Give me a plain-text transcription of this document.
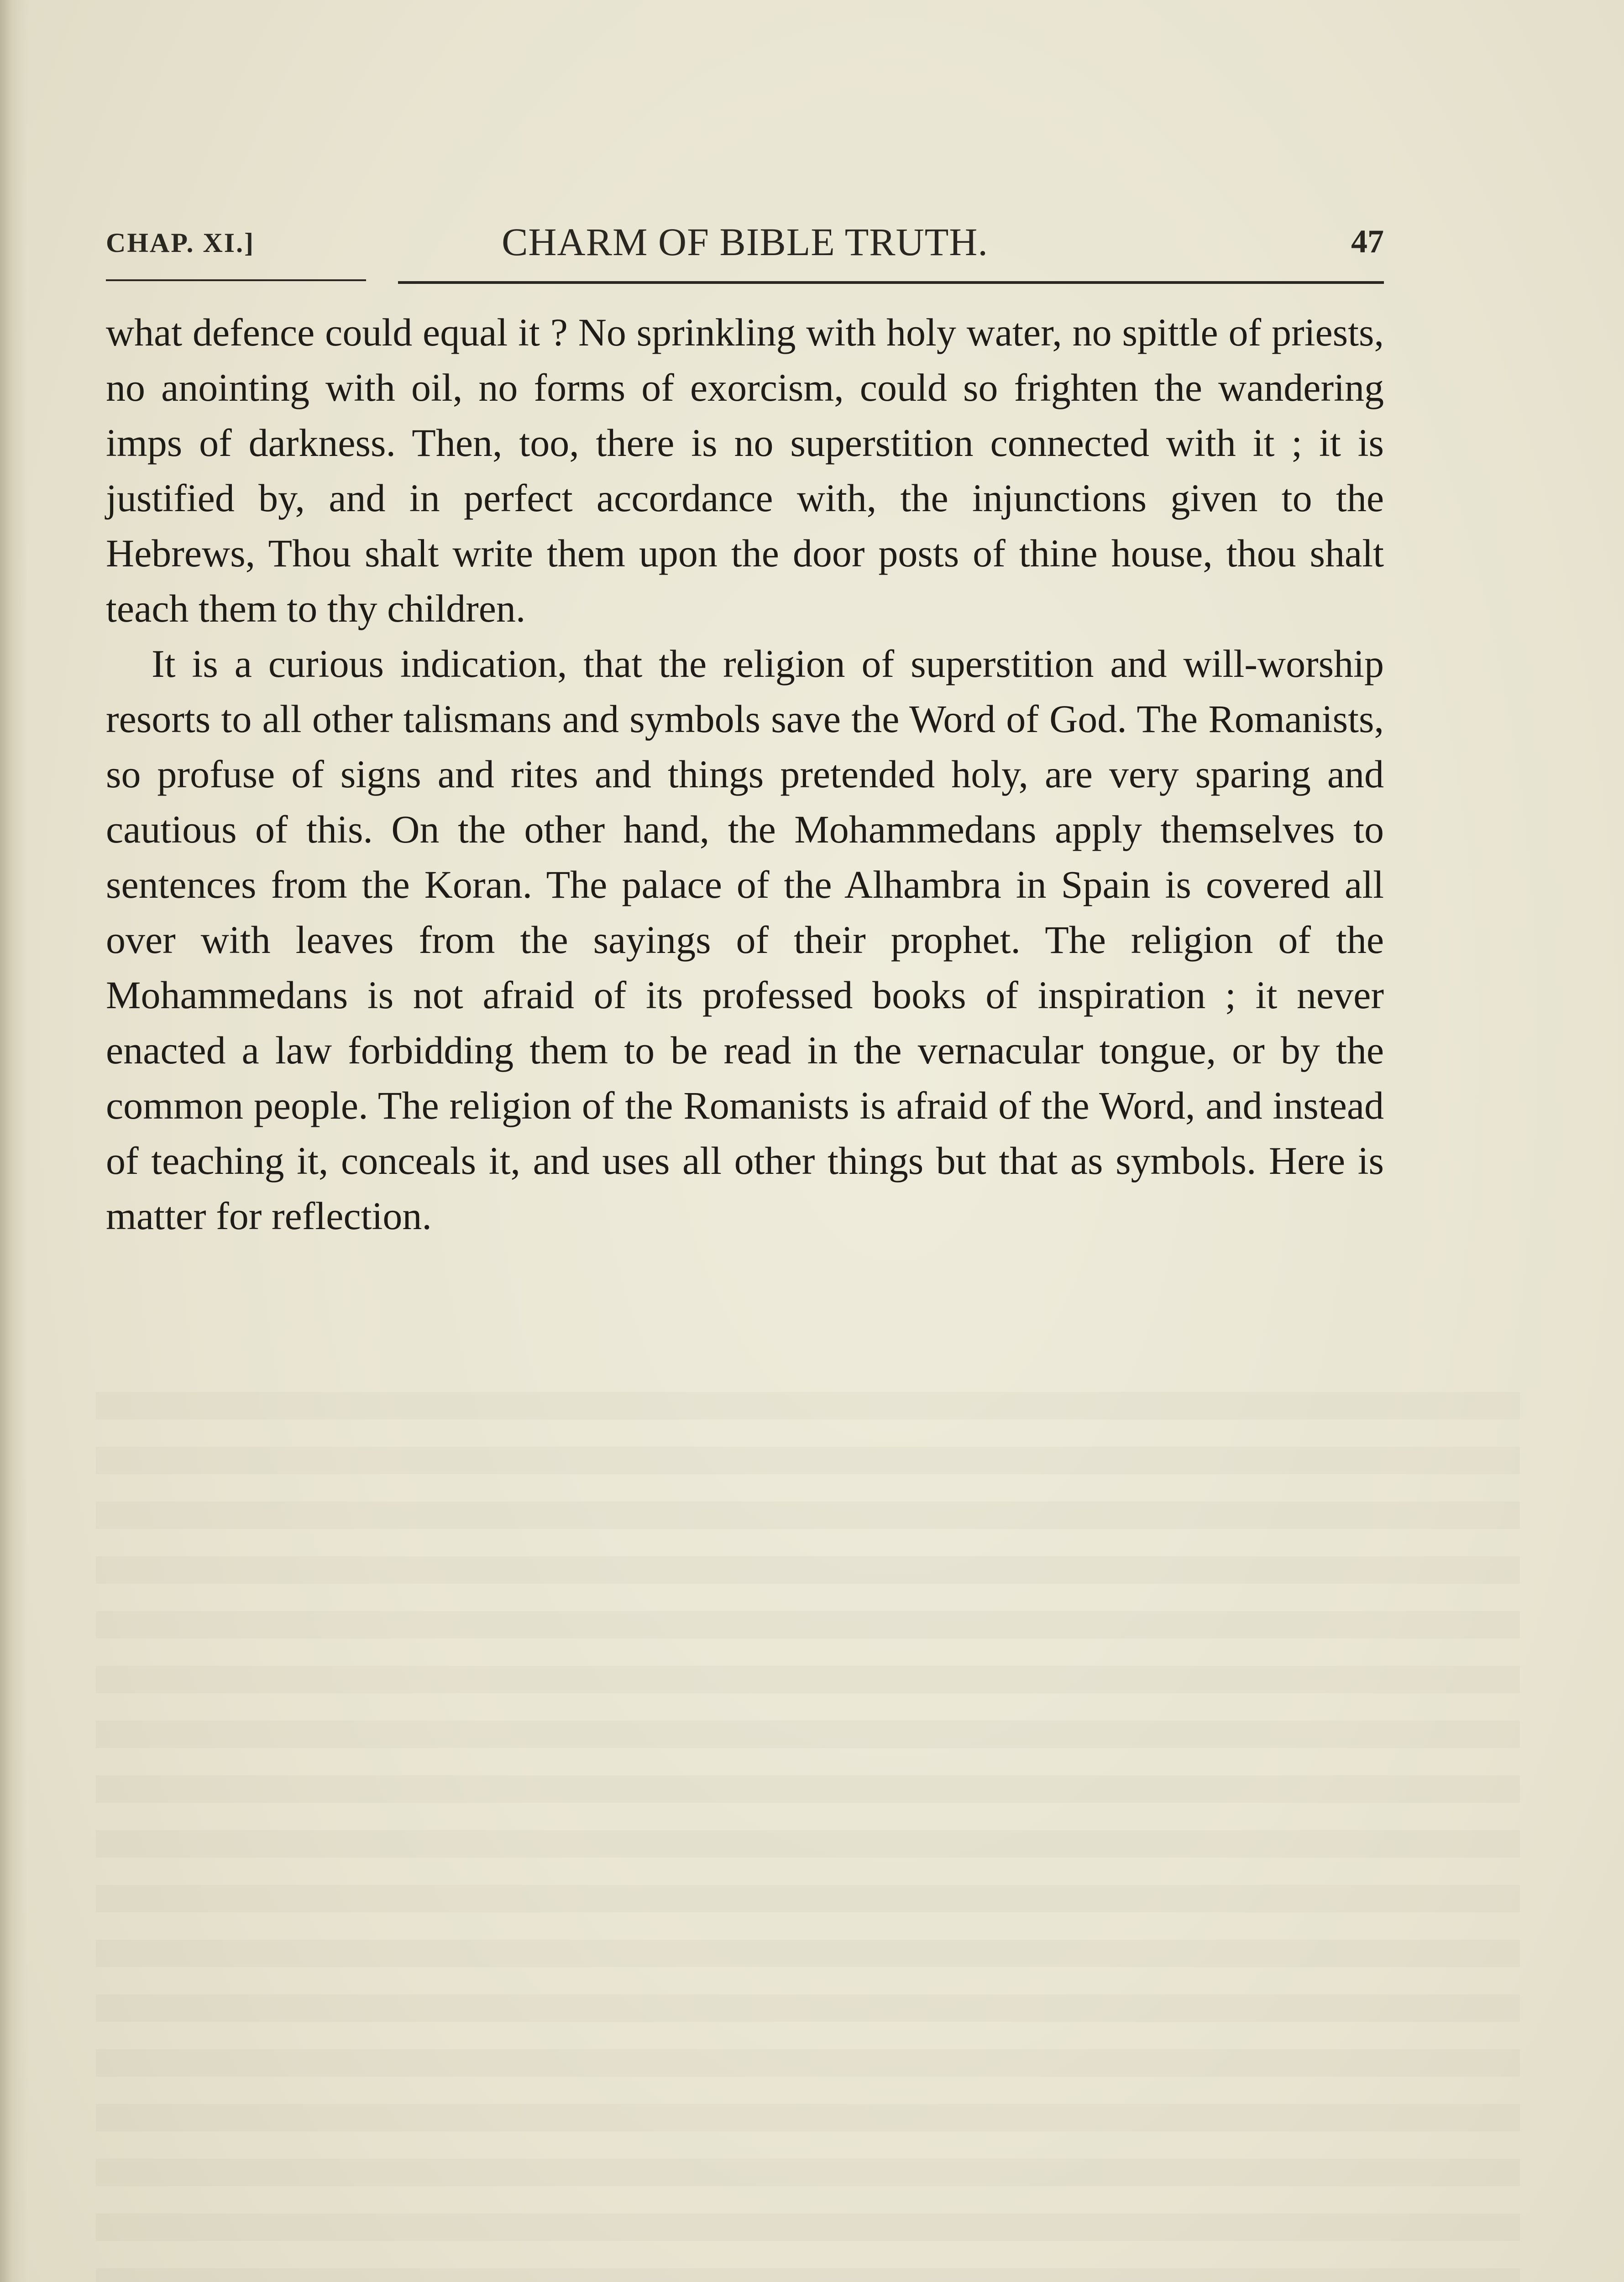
CHAP. XI.]	CHARM OF BIBLE TRUTH.	47

what defence could equal it ? No sprinkling with holy water, no spittle of priests, no anointing with oil, no forms of exorcism, could so frighten the wandering imps of darkness. Then, too, there is no superstition connected with it ; it is justified by, and in perfect accordance with, the injunctions given to the Hebrews, Thou shalt write them upon the door posts of thine house, thou shalt teach them to thy children.

It is a curious indication, that the religion of superstition and will-worship resorts to all other talismans and symbols save the Word of God. The Romanists, so profuse of signs and rites and things pretended holy, are very sparing and cautious of this. On the other hand, the Mohammedans apply themselves to sentences from the Koran. The palace of the Alhambra in Spain is covered all over with leaves from the sayings of their prophet. The religion of the Mohammedans is not afraid of its professed books of inspiration ; it never enacted a law forbidding them to be read in the vernacular tongue, or by the common people. The religion of the Romanists is afraid of the Word, and instead of teaching it, conceals it, and uses all other things but that as symbols. Here is matter for reflection.
